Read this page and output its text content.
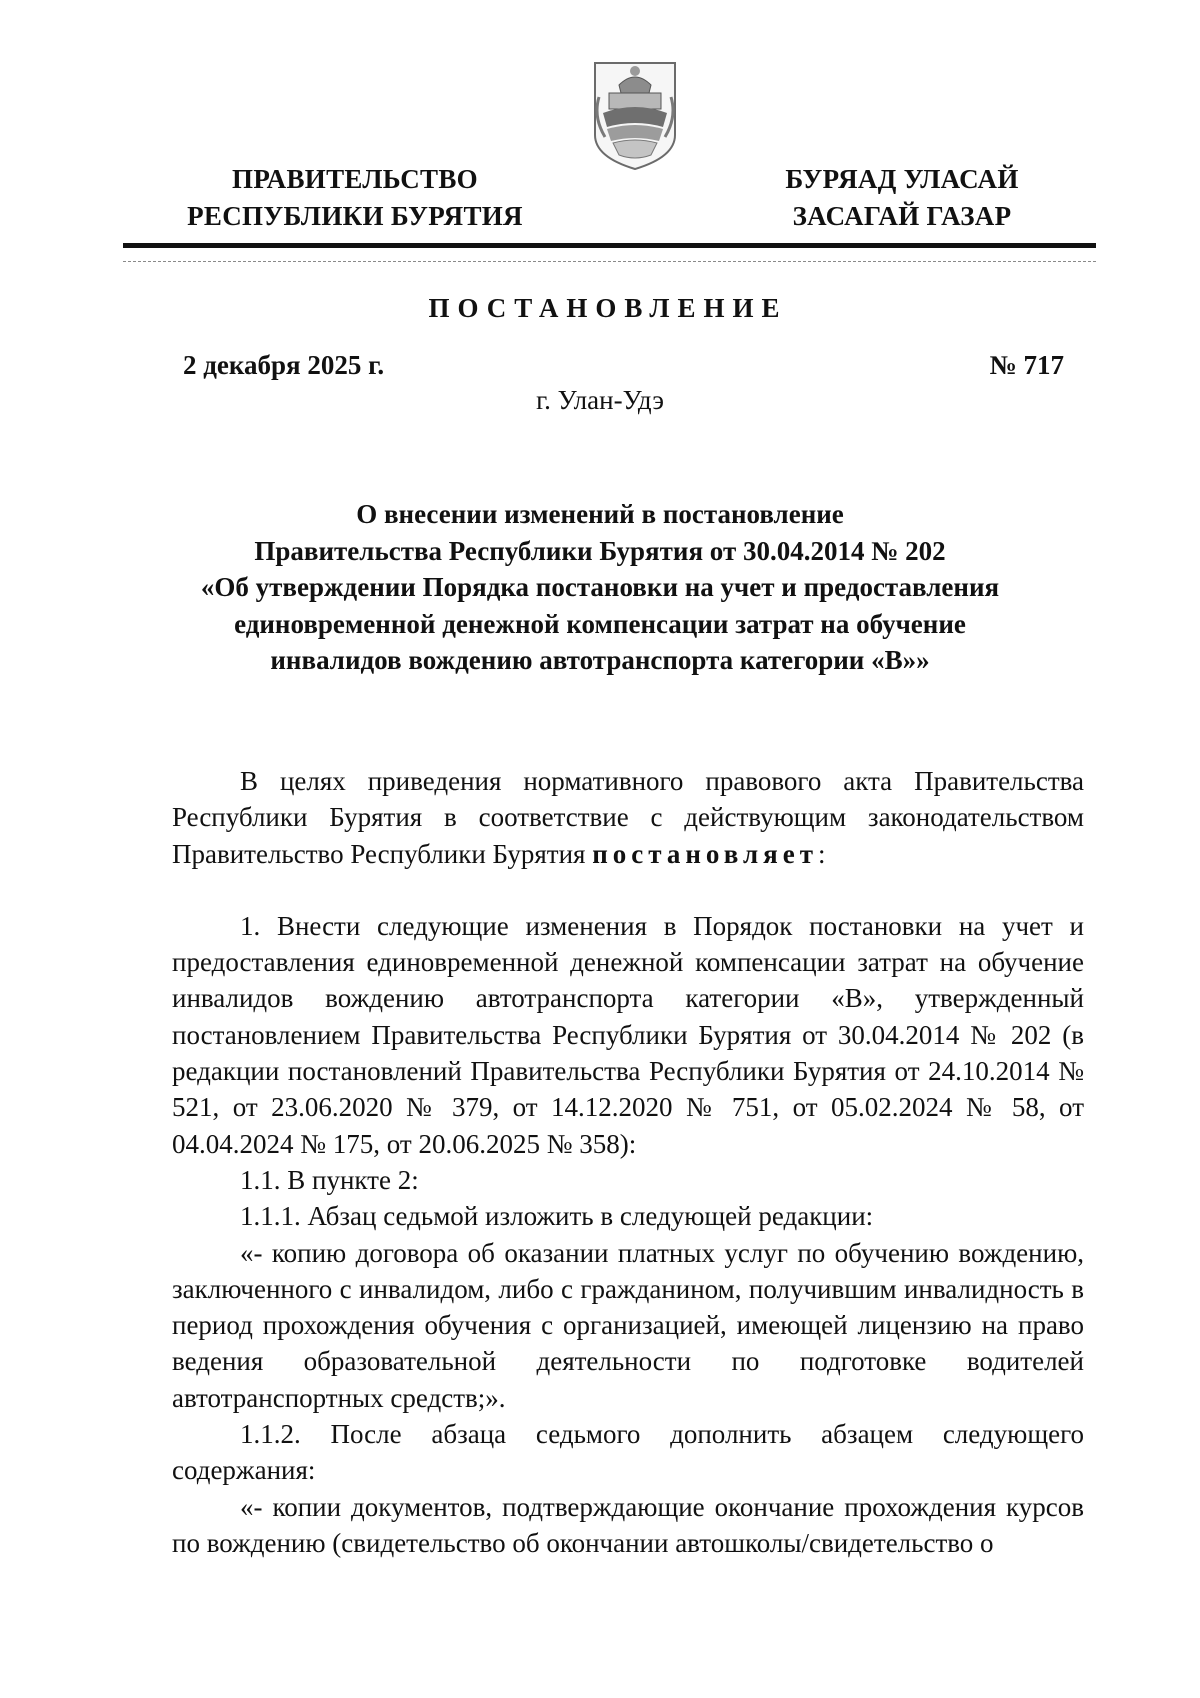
ПРАВИТЕЛЬСТВО
РЕСПУБЛИКИ БУРЯТИЯ
БУРЯАД УЛАСАЙ
ЗАСАГАЙ ГАЗАР
ПОСТАНОВЛЕНИЕ
2 декабря 2025 г.	№ 717
г. Улан-Удэ
О внесении изменений в постановление
Правительства Республики Бурятия от 30.04.2014 № 202
«Об утверждении Порядка постановки на учет и предоставления
единовременной денежной компенсации затрат на обучение
инвалидов вождению автотранспорта категории «В»»

В целях приведения нормативного правового акта Правительства Республики Бурятия в соответствие с действующим законодательством Правительство Республики Бурятия постановляет:

1. Внести следующие изменения в Порядок постановки на учет и предоставления единовременной денежной компенсации затрат на обучение инвалидов вождению автотранспорта категории «В», утвержденный постановлением Правительства Республики Бурятия от 30.04.2014 № 202 (в редакции постановлений Правительства Республики Бурятия от 24.10.2014 № 521, от 23.06.2020 № 379, от 14.12.2020 № 751, от 05.02.2024 № 58, от 04.04.2024 № 175, от 20.06.2025 № 358):

1.1. В пункте 2:

1.1.1. Абзац седьмой изложить в следующей редакции:

«- копию договора об оказании платных услуг по обучению вождению, заключенного с инвалидом, либо с гражданином, получившим инвалидность в период прохождения обучения с организацией, имеющей лицензию на право ведения образовательной деятельности по подготовке водителей автотранспортных средств;».

1.1.2. После абзаца седьмого дополнить абзацем следующего содержания:

«- копии документов, подтверждающие окончание прохождения курсов по вождению (свидетельство об окончании автошколы/свидетельство о
